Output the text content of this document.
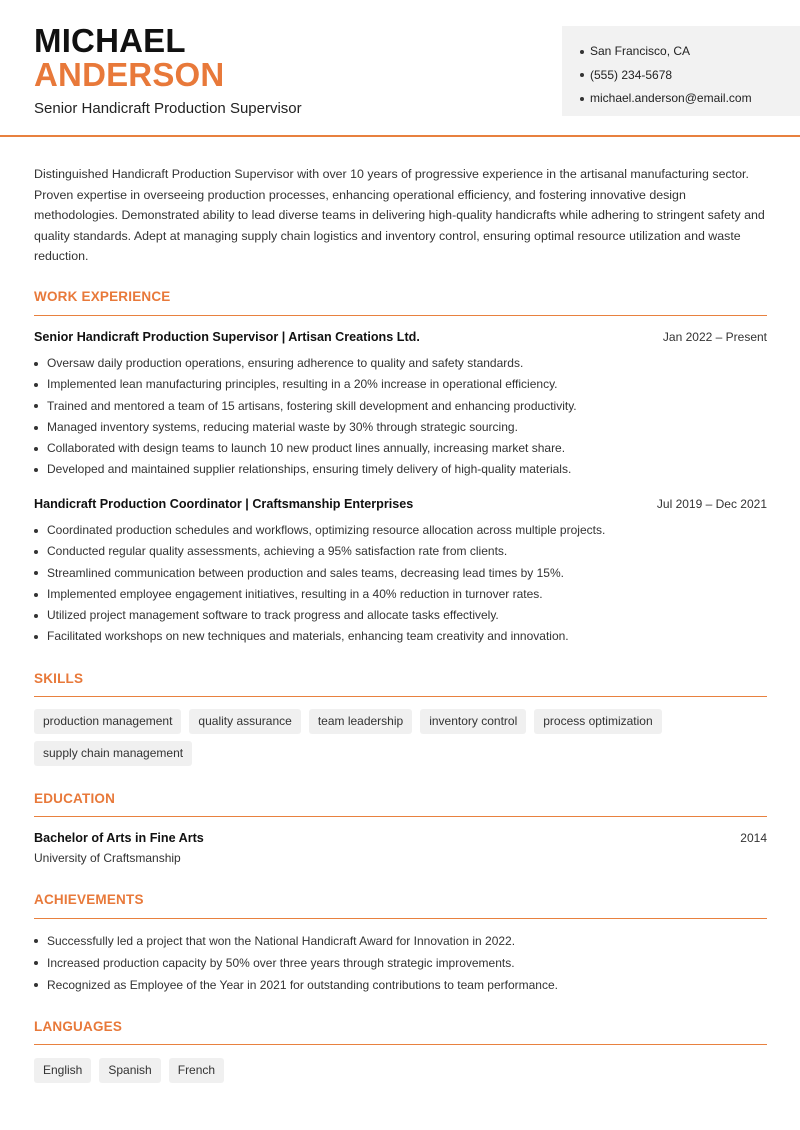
MICHAEL
ANDERSON
Senior Handicraft Production Supervisor
San Francisco, CA
(555) 234-5678
michael.anderson@email.com

Distinguished Handicraft Production Supervisor with over 10 years of progressive experience in the artisanal manufacturing sector. Proven expertise in overseeing production processes, enhancing operational efficiency, and fostering innovative design methodologies. Demonstrated ability to lead diverse teams in delivering high-quality handicrafts while adhering to stringent safety and quality standards. Adept at managing supply chain logistics and inventory control, ensuring optimal resource utilization and waste reduction.

WORK EXPERIENCE
Senior Handicraft Production Supervisor | Artisan Creations Ltd.	Jan 2022 – Present
Oversaw daily production operations, ensuring adherence to quality and safety standards.
Implemented lean manufacturing principles, resulting in a 20% increase in operational efficiency.
Trained and mentored a team of 15 artisans, fostering skill development and enhancing productivity.
Managed inventory systems, reducing material waste by 30% through strategic sourcing.
Collaborated with design teams to launch 10 new product lines annually, increasing market share.
Developed and maintained supplier relationships, ensuring timely delivery of high-quality materials.
Handicraft Production Coordinator | Craftsmanship Enterprises	Jul 2019 – Dec 2021
Coordinated production schedules and workflows, optimizing resource allocation across multiple projects.
Conducted regular quality assessments, achieving a 95% satisfaction rate from clients.
Streamlined communication between production and sales teams, decreasing lead times by 15%.
Implemented employee engagement initiatives, resulting in a 40% reduction in turnover rates.
Utilized project management software to track progress and allocate tasks effectively.
Facilitated workshops on new techniques and materials, enhancing team creativity and innovation.
SKILLS
production management	quality assurance	team leadership	inventory control	process optimization
supply chain management
EDUCATION
Bachelor of Arts in Fine Arts	2014
University of Craftsmanship
ACHIEVEMENTS
Successfully led a project that won the National Handicraft Award for Innovation in 2022.
Increased production capacity by 50% over three years through strategic improvements.
Recognized as Employee of the Year in 2021 for outstanding contributions to team performance.
LANGUAGES
English	Spanish	French
